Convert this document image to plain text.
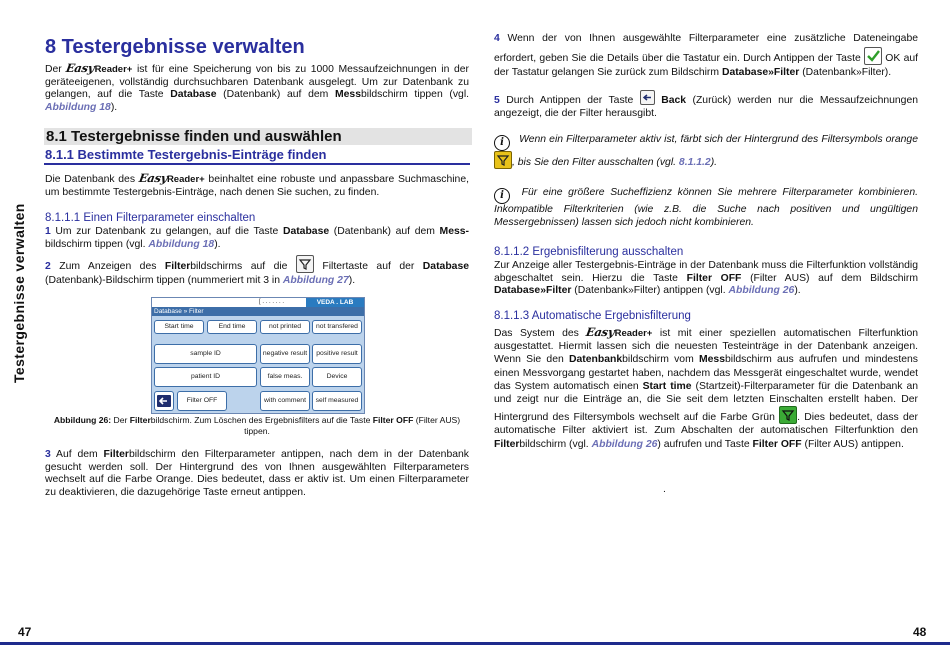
Testergebnisse verwalten
8 Testergebnisse verwalten

Der EasyReader+ ist für eine Speicherung von bis zu 1000 Messaufzeichnungen in der geräteeigenen, vollständig durchsuchbaren Datenbank ausgelegt. Um zur Datenbank zu gelangen, auf die Taste Database (Datenbank) auf dem Messbildschirm tippen (vgl. Abbildung 18).

8.1 Testergebnisse finden und auswählen
8.1.1 Bestimmte Testergebnis-Einträge finden

Die Datenbank des EasyReader+ beinhaltet eine robuste und anpassbare Suchmaschine, um bestimmte Testergebnis-Einträge, nach denen Sie suchen, zu finden.

8.1.1.1 Einen Filterparameter einschalten

1 Um zur Datenbank zu gelangen, auf die Taste Database (Datenbank) auf dem Mess-bildschirm tippen (vgl. Abbildung 18).

2 Zum Anzeigen des Filterbildschirms auf die	Filtertaste auf der Database (Datenbank)-Bildschirm tippen (nummeriert mit 3 in Abbildung 27).

[ . . . . . . .	VEDA . LAB
Database » Filter
Start time	End time	not printed	not transfered
sample ID	negative result	positive result
patient ID	false meas.	Device
Filter OFF	with comment	self measured

Abbildung 26: Der Filterbildschirm. Zum Löschen des Ergebnisfilters auf die Taste Filter OFF (Filter AUS) tippen.

3 Auf dem Filterbildschirm den Filterparameter antippen, nach dem in der Datenbank gesucht werden soll. Der Hintergrund des von Ihnen ausgewählten Filterparameters wechselt auf die Farbe Orange. Dies bedeutet, dass er aktiv ist. Um einen Filterparameter zu deaktivieren, die dazugehörige Taste erneut antippen.

4 Wenn der von Ihnen ausgewählte Filterparameter eine zusätzliche Dateneingabe erfordert, geben Sie die Details über die Tastatur ein. Durch Antippen der Taste OK auf der Tastatur gelangen Sie zurück zum Bildschirm Database»Filter (Datenbank»Filter).

5 Durch Antippen der Taste	Back (Zurück) werden nur die Messaufzeichnungen angezeigt, die der Filter herausgibt.

i Wenn ein Filterparameter aktiv ist, färbt sich der Hintergrund des Filtersymbols orange
, bis Sie den Filter ausschalten (vgl. 8.1.1.2).

i Für eine größere Sucheffizienz können Sie mehrere Filterparameter kombinieren. Inkompatible Filterkriterien (wie z.B. die Suche nach positiven und ungültigen Messergebnissen) lassen sich jedoch nicht kombinieren.

8.1.1.2 Ergebnisfilterung ausschalten

Zur Anzeige aller Testergebnis-Einträge in der Datenbank muss die Filterfunktion vollständig abgeschaltet sein. Hierzu die Taste Filter OFF (Filter AUS) auf dem Bildschirm Database»Filter (Datenbank»Filter) antippen (vgl. Abbildung 26).

8.1.1.3 Automatische Ergebnisfilterung

Das System des EasyReader+ ist mit einer speziellen automatischen Filterfunktion ausgestattet. Hiermit lassen sich die neuesten Testeinträge in der Datenbank anzeigen. Wenn Sie den Datenbankbildschirm vom Messbildschirm aus aufrufen und mindestens einen Messvorgang gestartet haben, nachdem das Messgerät eingeschaltet wurde, wendet das System automatisch einen Start time (Startzeit)-Filterparameter für die Datenbank an und zeigt nur die Einträge an, die Sie seit dem letzten Einschalten erstellt haben. Der Hintergrund des Filtersymbols wechselt auf die Farbe Grün . Dies bedeutet, dass der automatische Filter aktiviert ist. Zum Abschalten der automatischen Filterfunktion den Filterbildschirm (vgl. Abbildung 26) aufrufen und Taste Filter OFF (Filter AUS) antippen.

.
47	48
